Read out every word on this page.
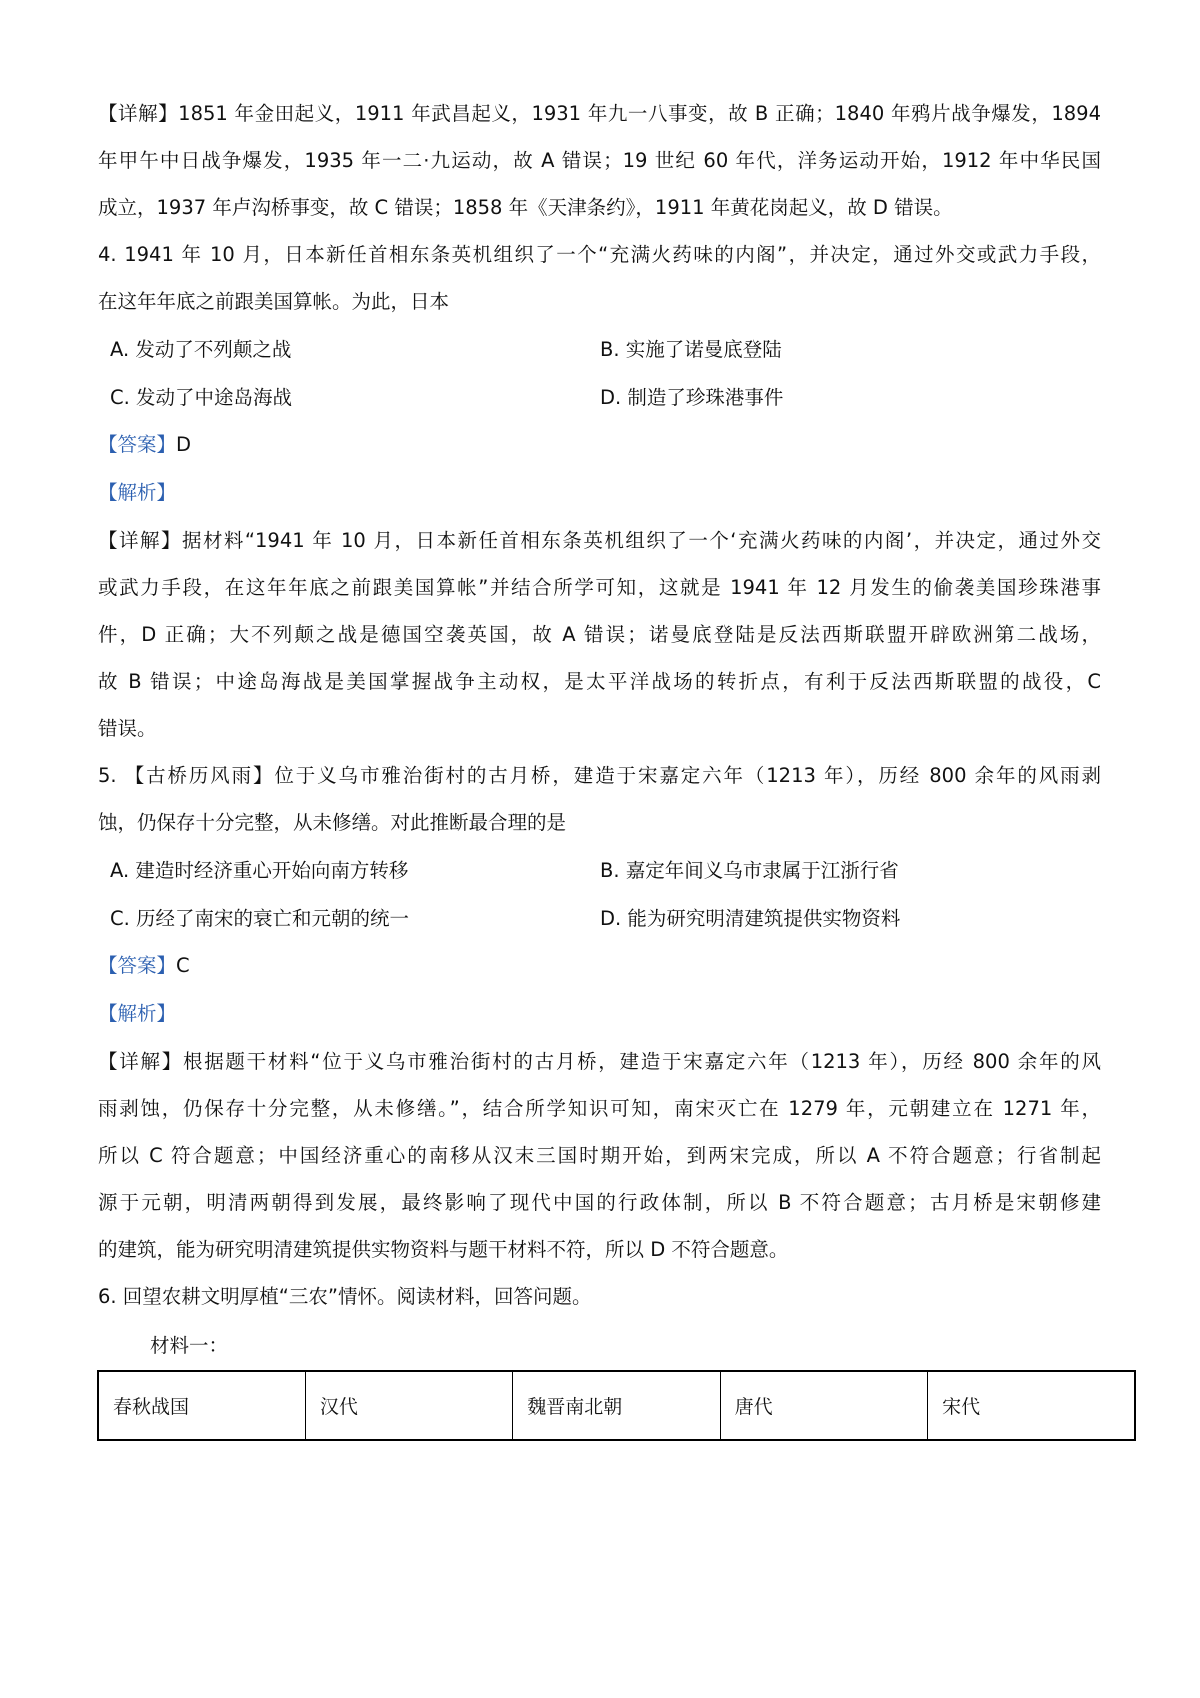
【详解】1851 年金田起义，1911 年武昌起义，1931 年九一八事变，故 B 正确；1840 年鸦片战争爆发，1894
年甲午中日战争爆发，1935 年一二·九运动，故 A 错误；19 世纪 60 年代，洋务运动开始，1912 年中华民国
成立，1937 年卢沟桥事变，故 C 错误；1858 年《天津条约》，1911 年黄花岗起义，故 D 错误。
4. 1941 年 10 月，日本新任首相东条英机组织了一个“充满火药味的内阁”，并决定，通过外交或武力手段，
在这年年底之前跟美国算帐。为此，日本
A. 发动了不列颠之战	B. 实施了诺曼底登陆
C. 发动了中途岛海战	D. 制造了珍珠港事件
【答案】D
【解析】
【详解】据材料“1941 年 10 月，日本新任首相东条英机组织了一个‘充满火药味的内阁’，并决定，通过外交
或武力手段，在这年年底之前跟美国算帐”并结合所学可知，这就是 1941 年 12 月发生的偷袭美国珍珠港事
件，D 正确；大不列颠之战是德国空袭英国，故 A 错误；诺曼底登陆是反法西斯联盟开辟欧洲第二战场，
故 B 错误；中途岛海战是美国掌握战争主动权，是太平洋战场的转折点，有利于反法西斯联盟的战役，C
错误。
5. 【古桥历风雨】位于义乌市雅治街村的古月桥，建造于宋嘉定六年（1213 年），历经 800 余年的风雨剥
蚀，仍保存十分完整，从未修缮。对此推断最合理的是
A. 建造时经济重心开始向南方转移	B. 嘉定年间义乌市隶属于江浙行省
C. 历经了南宋的衰亡和元朝的统一	D. 能为研究明清建筑提供实物资料
【答案】C
【解析】
【详解】根据题干材料“位于义乌市雅治街村的古月桥，建造于宋嘉定六年（1213 年），历经 800 余年的风
雨剥蚀，仍保存十分完整，从未修缮。”，结合所学知识可知，南宋灭亡在 1279 年，元朝建立在 1271 年，
所以 C 符合题意；中国经济重心的南移从汉末三国时期开始，到两宋完成，所以 A 不符合题意；行省制起
源于元朝，明清两朝得到发展，最终影响了现代中国的行政体制，所以 B 不符合题意；古月桥是宋朝修建
的建筑，能为研究明清建筑提供实物资料与题干材料不符，所以 D 不符合题意。
6. 回望农耕文明厚植“三农”情怀。阅读材料，回答问题。
材料一：
春秋战国	汉代	魏晋南北朝	唐代	宋代
